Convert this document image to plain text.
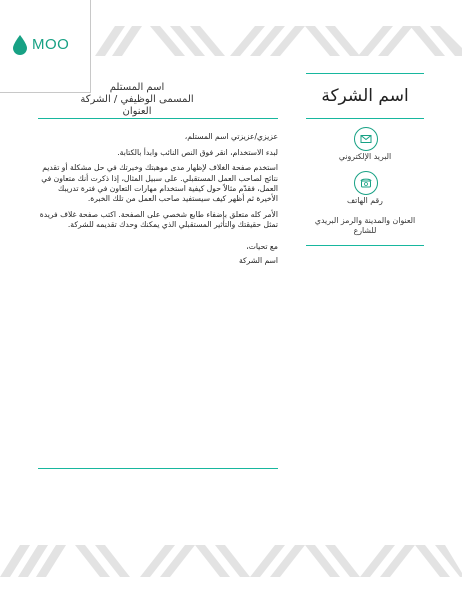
MOO
اسم المستلم
المسمى الوظيفي / الشركة
العنوان

عزيزي/عزيزتي اسم المستلم،

لبدء الاستخدام، انقر فوق النص النائب وابدأ بالكتابة.

استخدم صفحة الغلاف لإظهار مدى موهبتك وخبرتك في حل مشكلة أو تقديم نتائج لصاحب العمل المستقبلي. على سبيل المثال، إذا ذكرت أنك متعاون في العمل، فقدّم مثالاً حول كيفية استخدام مهارات التعاون في فترة تدريبك الأخيرة ثم أظهر كيف سيستفيد صاحب العمل من تلك الخبرة.

الأمر كله متعلق بإضفاء طابع شخصي على الصفحة. اكتب صفحة غلاف فريدة تمثل حقيقتك والتأثير المستقبلي الذي يمكنك وحدك تقديمه للشركة.

مع تحيات،

اسم الشركة

اسم الشركة
البريد الإلكتروني
رقم الهاتف
العنوان والمدينة والرمز البريدي للشارع
